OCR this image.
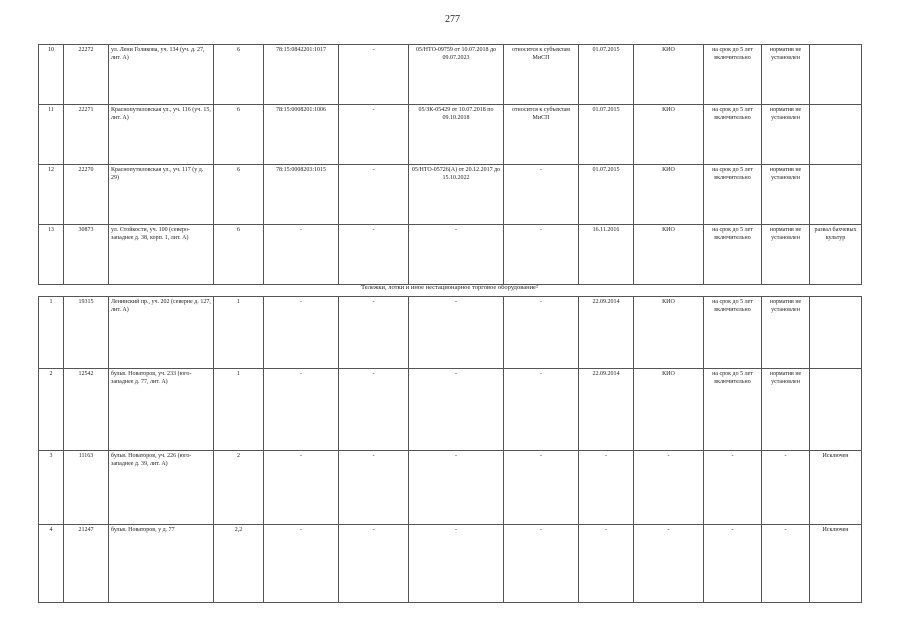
277
10	22272	ул. Лени Голикова, уч. 134 (уч. д. 27, лит. А)	6	78:15:0842201:1017	-	05/НТО-09759 от 10.07.2018 до 09.07.2023	относится к субъектам МиСП	01.07.2015	КИО	на срок до 5 лет включительно	норматив не установлен	
11	22271	Краснопутиловская ул., уч. 116 (уч. 15, лит. А)	6	78:15:0008201:1006	-	05/ЗК-05429 от 10.07.2018 по 09.10.2018	относится к субъектам МиСП	01.07.2015	КИО	на срок до 5 лет включительно	норматив не установлен	
12	22270	Краснопутиловская ул., уч. 117 (у д. 29)	6	78:15:0008203:1015	-	05/НТО-05726(А) от 20.12.2017 до 15.10.2022	-	01.07.2015	КИО	на срок до 5 лет включительно	норматив не установлен	
13	30873	ул. Стойкости, уч. 100 (северо-западнее д. 38, корп. 1, лит. А)	6	-	-	-	-	16.11.2016	КИО	на срок до 5 лет включительно	норматив не установлен	развал бахчевых культур
Тележки, лотки и иное нестационарное торговое оборудование²
1	19315	Ленинский пр., уч. 202 (северне д. 127, лит. А)	1	-	-	-	-	22.09.2014	КИО	на срок до 5 лет включительно	норматив не установлен	
2	12542	бульв. Новаторов, уч. 233 (юго-западнее д. 77, лит. А)	1	-	-	-	-	22.09.2014	КИО	на срок до 5 лет включительно	норматив не установлен	
3	11163	бульв. Новаторов, уч. 226 (юго-западнее д. 39, лит. А)	2	-	-	-	-	-	-	-	-	Исключен
4	21247	бульв. Новаторов, у д. 77	2,2	-	-	-	-	-	-	-	-	Исключен
